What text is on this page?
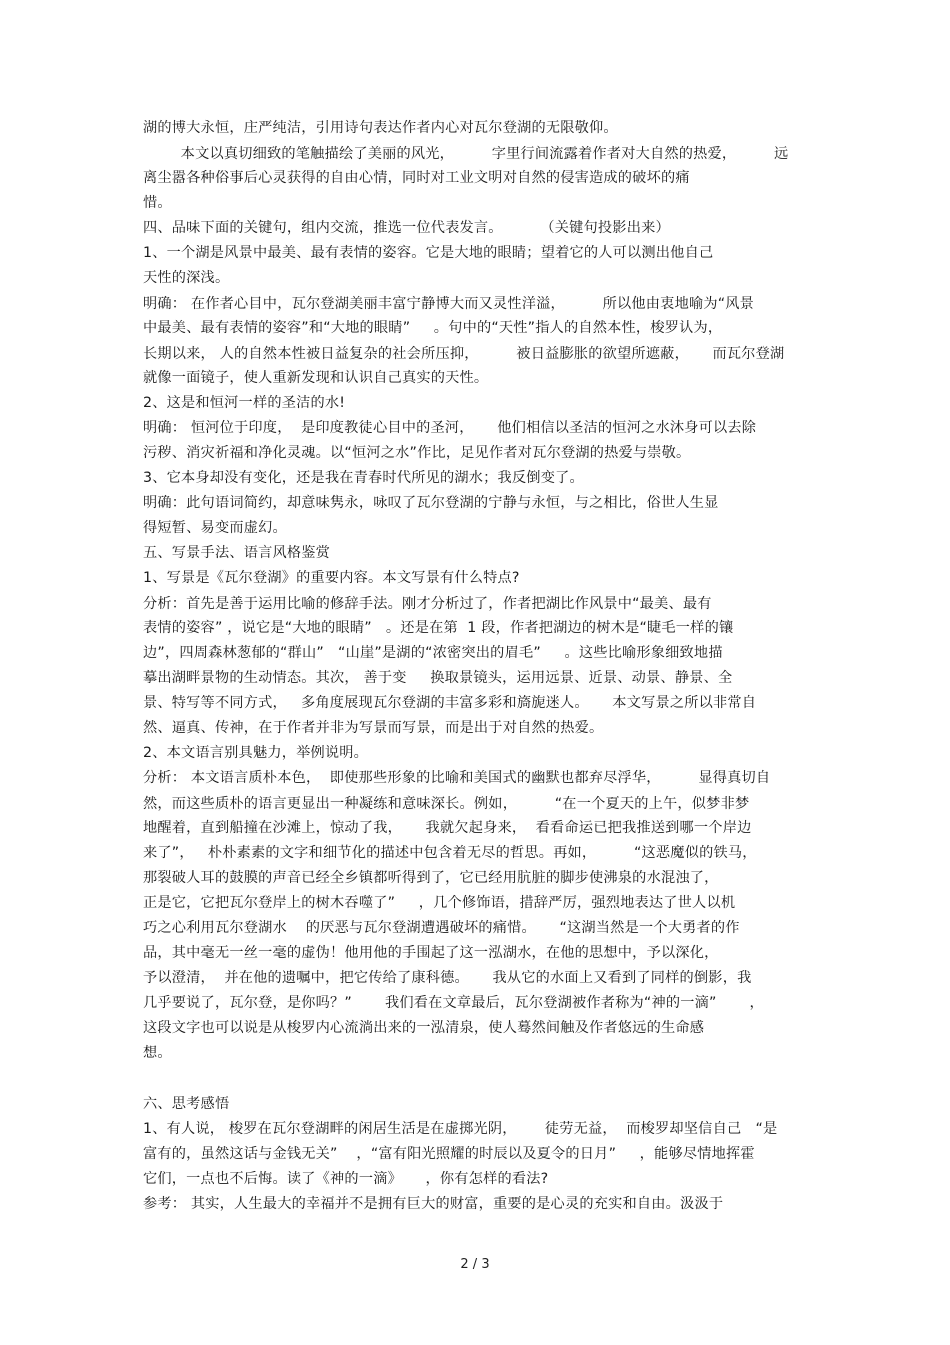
湖的博大永恒，庄严纯洁，引用诗句表达作者内心对瓦尔登湖的无限敬仰。
本文以真切细致的笔触描绘了美丽的风光，        字里行间流露着作者对大自然的热爱，        远
离尘嚣各种俗事后心灵获得的自由心情，同时对工业文明对自然的侵害造成的破坏的痛
惜。
四、品味下面的关键句，组内交流，推选一位代表发言。        （关键句投影出来）
1、一个湖是风景中最美、最有表情的姿容。它是大地的眼睛；望着它的人可以测出他自己
天性的深浅。
明确： 在作者心目中，瓦尔登湖美丽丰富宁静博大而又灵性洋溢，        所以他由衷地喻为“风景
中最美、最有表情的姿容”和“大地的眼睛”     。句中的“天性”指人的自然本性，梭罗认为，
长期以来， 人的自然本性被日益复杂的社会所压抑，        被日益膨胀的欲望所遮蔽，     而瓦尔登湖
就像一面镜子，使人重新发现和认识自己真实的天性。
2、这是和恒河一样的圣洁的水!
明确： 恒河位于印度，  是印度教徒心目中的圣河，     他们相信以圣洁的恒河之水沐身可以去除
污秽、消灾祈福和净化灵魂。以“恒河之水”作比，足见作者对瓦尔登湖的热爱与崇敬。
3、它本身却没有变化，还是我在青春时代所见的湖水；我反倒变了。
明确：此句语词简约，却意味隽永，咏叹了瓦尔登湖的宁静与永恒，与之相比，俗世人生显
得短暂、易变而虚幻。
五、写景手法、语言风格鉴赏
1、写景是《瓦尔登湖》的重要内容。本文写景有什么特点?
分析：首先是善于运用比喻的修辞手法。刚才分析过了，作者把湖比作风景中“最美、最有
表情的姿容” ，说它是“大地的眼睛”   。还是在第  1 段，作者把湖边的树木是“睫毛一样的镶
边”，四周森林葱郁的“群山”   “山崖”是湖的“浓密突出的眉毛”     。这些比喻形象细致地描
摹出湖畔景物的生动情态。其次， 善于变     换取景镜头，运用远景、近景、动景、静景、全
景、特写等不同方式，   多角度展现瓦尔登湖的丰富多彩和旖旎迷人。     本文写景之所以非常自
然、逼真、传神，在于作者并非为写景而写景，而是出于对自然的热爱。
2、本文语言别具魅力，举例说明。
分析： 本文语言质朴本色，  即使那些形象的比喻和美国式的幽默也都弃尽浮华，        显得真切自
然，而这些质朴的语言更显出一种凝练和意味深长。例如，        “在一个夏天的上午，似梦非梦
地醒着，直到船撞在沙滩上，惊动了我，     我就欠起身来，  看看命运已把我推送到哪一个岸边
来了”，   朴朴素素的文字和细节化的描述中包含着无尽的哲思。再如，        “这恶魔似的铁马，
那裂破人耳的鼓膜的声音已经全乡镇都听得到了，它已经用肮脏的脚步使沸泉的水混浊了，
正是它，它把瓦尔登岸上的树木吞噬了”     ，几个修饰语，措辞严厉，强烈地表达了世人以机
巧之心利用瓦尔登湖水    的厌恶与瓦尔登湖遭遇破坏的痛惜。     “这湖当然是一个大勇者的作
品，其中毫无一丝一毫的虚伪！他用他的手围起了这一泓湖水，在他的思想中，予以深化，
予以澄清，  并在他的遗嘱中，把它传给了康科德。     我从它的水面上又看到了同样的倒影，我
几乎要说了，瓦尔登，是你吗？”       我们看在文章最后，瓦尔登湖被作者称为“神的一滴”       ，
这段文字也可以说是从梭罗内心流淌出来的一泓清泉，使人蓦然间触及作者悠远的生命感
想。
六、思考感悟
1、有人说， 梭罗在瓦尔登湖畔的闲居生活是在虚掷光阴，      徒劳无益，  而梭罗却坚信自己   “是
富有的，虽然这话与金钱无关”    ，“富有阳光照耀的时辰以及夏令的日月”     ，能够尽情地挥霍
它们，一点也不后悔。读了《神的一滴》     ，你有怎样的看法?
参考： 其实，人生最大的幸福并不是拥有巨大的财富，重要的是心灵的充实和自由。汲汲于
2 / 3
